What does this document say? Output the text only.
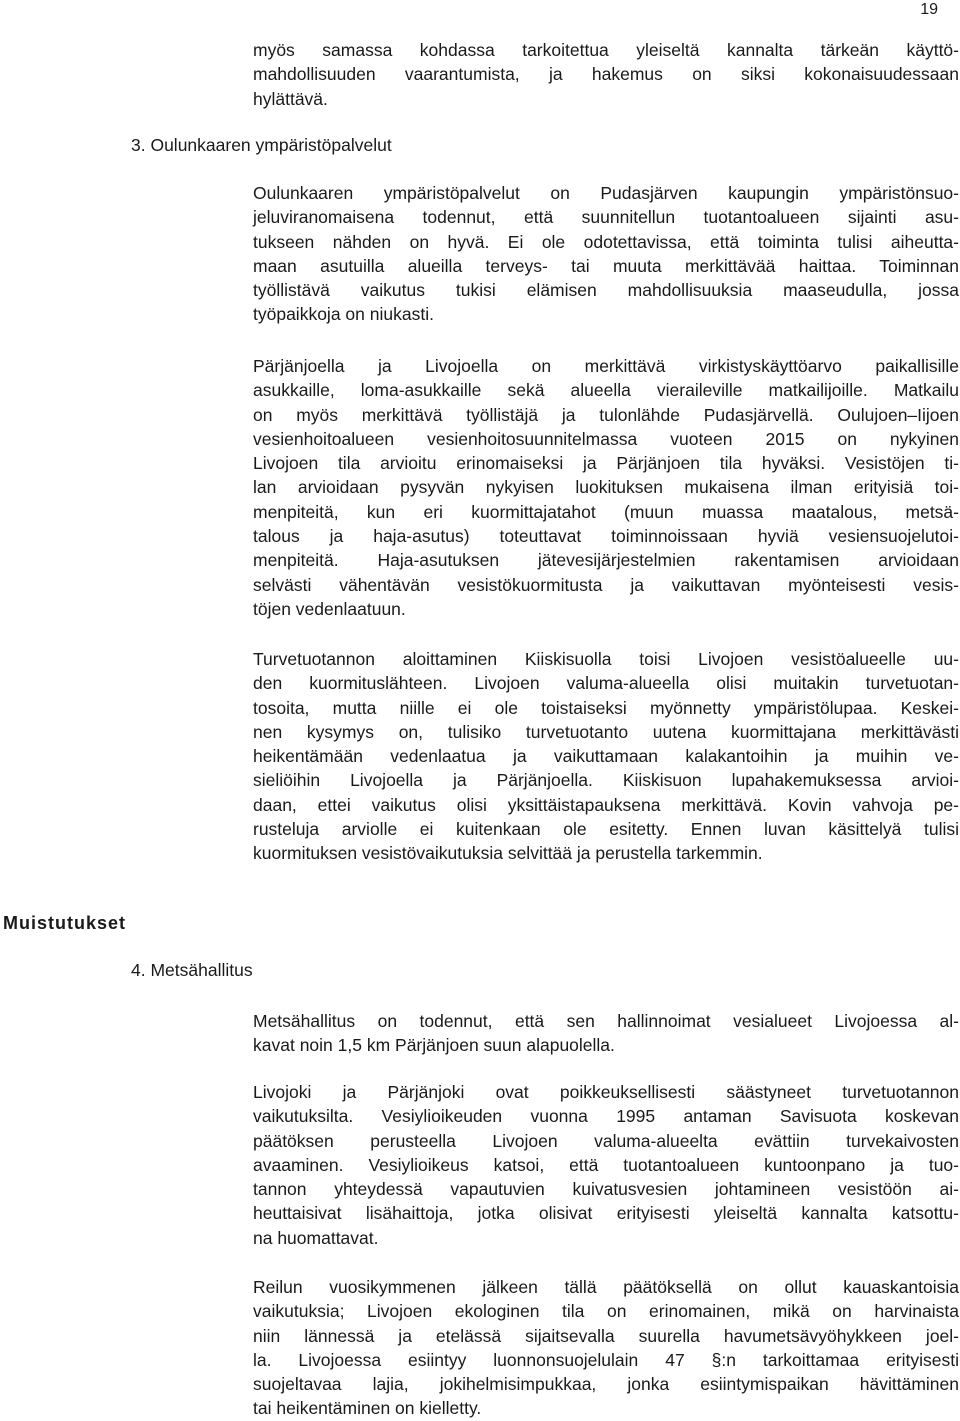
19
myös samassa kohdassa tarkoitettua yleiseltä kannalta tärkeän käyttö-
mahdollisuuden vaarantumista, ja hakemus on siksi kokonaisuudessaan
hylättävä.
3. Oulunkaaren ympäristöpalvelut
Oulunkaaren ympäristöpalvelut on Pudasjärven kaupungin ympäristönsuo-
jeluviranomaisena todennut, että suunnitellun tuotantoalueen sijainti asu-
tukseen nähden on hyvä. Ei ole odotettavissa, että toiminta tulisi aiheutta-
maan asutuilla alueilla terveys- tai muuta merkittävää haittaa. Toiminnan
työllistävä vaikutus tukisi elämisen mahdollisuuksia maaseudulla, jossa
työpaikkoja on niukasti.
Pärjänjoella ja Livojoella on merkittävä virkistyskäyttöarvo paikallisille
asukkaille, loma-asukkaille sekä alueella vieraileville matkailijoille. Matkailu
on myös merkittävä työllistäjä ja tulonlähde Pudasjärvellä. Oulujoen–Iijoen
vesienhoitoalueen vesienhoitosuunnitelmassa vuoteen 2015 on nykyinen
Livojoen tila arvioitu erinomaiseksi ja Pärjänjoen tila hyväksi. Vesistöjen ti-
lan arvioidaan pysyvän nykyisen luokituksen mukaisena ilman erityisiä toi-
menpiteitä, kun eri kuormittajatahot (muun muassa maatalous, metsä-
talous ja haja-asutus) toteuttavat toiminnoissaan hyviä vesiensuojelutoi-
menpiteitä. Haja-asutuksen jätevesijärjestelmien rakentamisen arvioidaan
selvästi vähentävän vesistökuormitusta ja vaikuttavan myönteisesti vesis-
töjen vedenlaatuun.
Turvetuotannon aloittaminen Kiiskisuolla toisi Livojoen vesistöalueelle uu-
den kuormituslähteen. Livojoen valuma-alueella olisi muitakin turvetuotan-
tosoita, mutta niille ei ole toistaiseksi myönnetty ympäristölupaa. Keskei-
nen kysymys on, tulisiko turvetuotanto uutena kuormittajana merkittävästi
heikentämään vedenlaatua ja vaikuttamaan kalakantoihin ja muihin ve-
sieliöihin Livojoella ja Pärjänjoella. Kiiskisuon lupahakemuksessa arvioi-
daan, ettei vaikutus olisi yksittäistapauksena merkittävä. Kovin vahvoja pe-
rusteluja arviolle ei kuitenkaan ole esitetty. Ennen luvan käsittelyä tulisi
kuormituksen vesistövaikutuksia selvittää ja perustella tarkemmin.
Muistutukset
4. Metsähallitus
Metsähallitus on todennut, että sen hallinnoimat vesialueet Livojoessa al-
kavat noin 1,5 km Pärjänjoen suun alapuolella.
Livojoki ja Pärjänjoki ovat poikkeuksellisesti säästyneet turvetuotannon
vaikutuksilta. Vesiylioikeuden vuonna 1995 antaman Savisuota koskevan
päätöksen perusteella Livojoen valuma-alueelta evättiin turvekaivosten
avaaminen. Vesiylioikeus katsoi, että tuotantoalueen kuntoonpano ja tuo-
tannon yhteydessä vapautuvien kuivatusvesien johtamineen vesistöön ai-
heuttaisivat lisähaittoja, jotka olisivat erityisesti yleiseltä kannalta katsottu-
na huomattavat.
Reilun vuosikymmenen jälkeen tällä päätöksellä on ollut kauaskantoisia
vaikutuksia; Livojoen ekologinen tila on erinomainen, mikä on harvinaista
niin lännessä ja etelässä sijaitsevalla suurella havumetsävyöhykkeen joel-
la. Livojoessa esiintyy luonnonsuojelulain 47 §:n tarkoittamaa erityisesti
suojeltavaa lajia, jokihelmisimpukkaa, jonka esiintymispaikan hävittäminen
tai heikentäminen on kielletty.
